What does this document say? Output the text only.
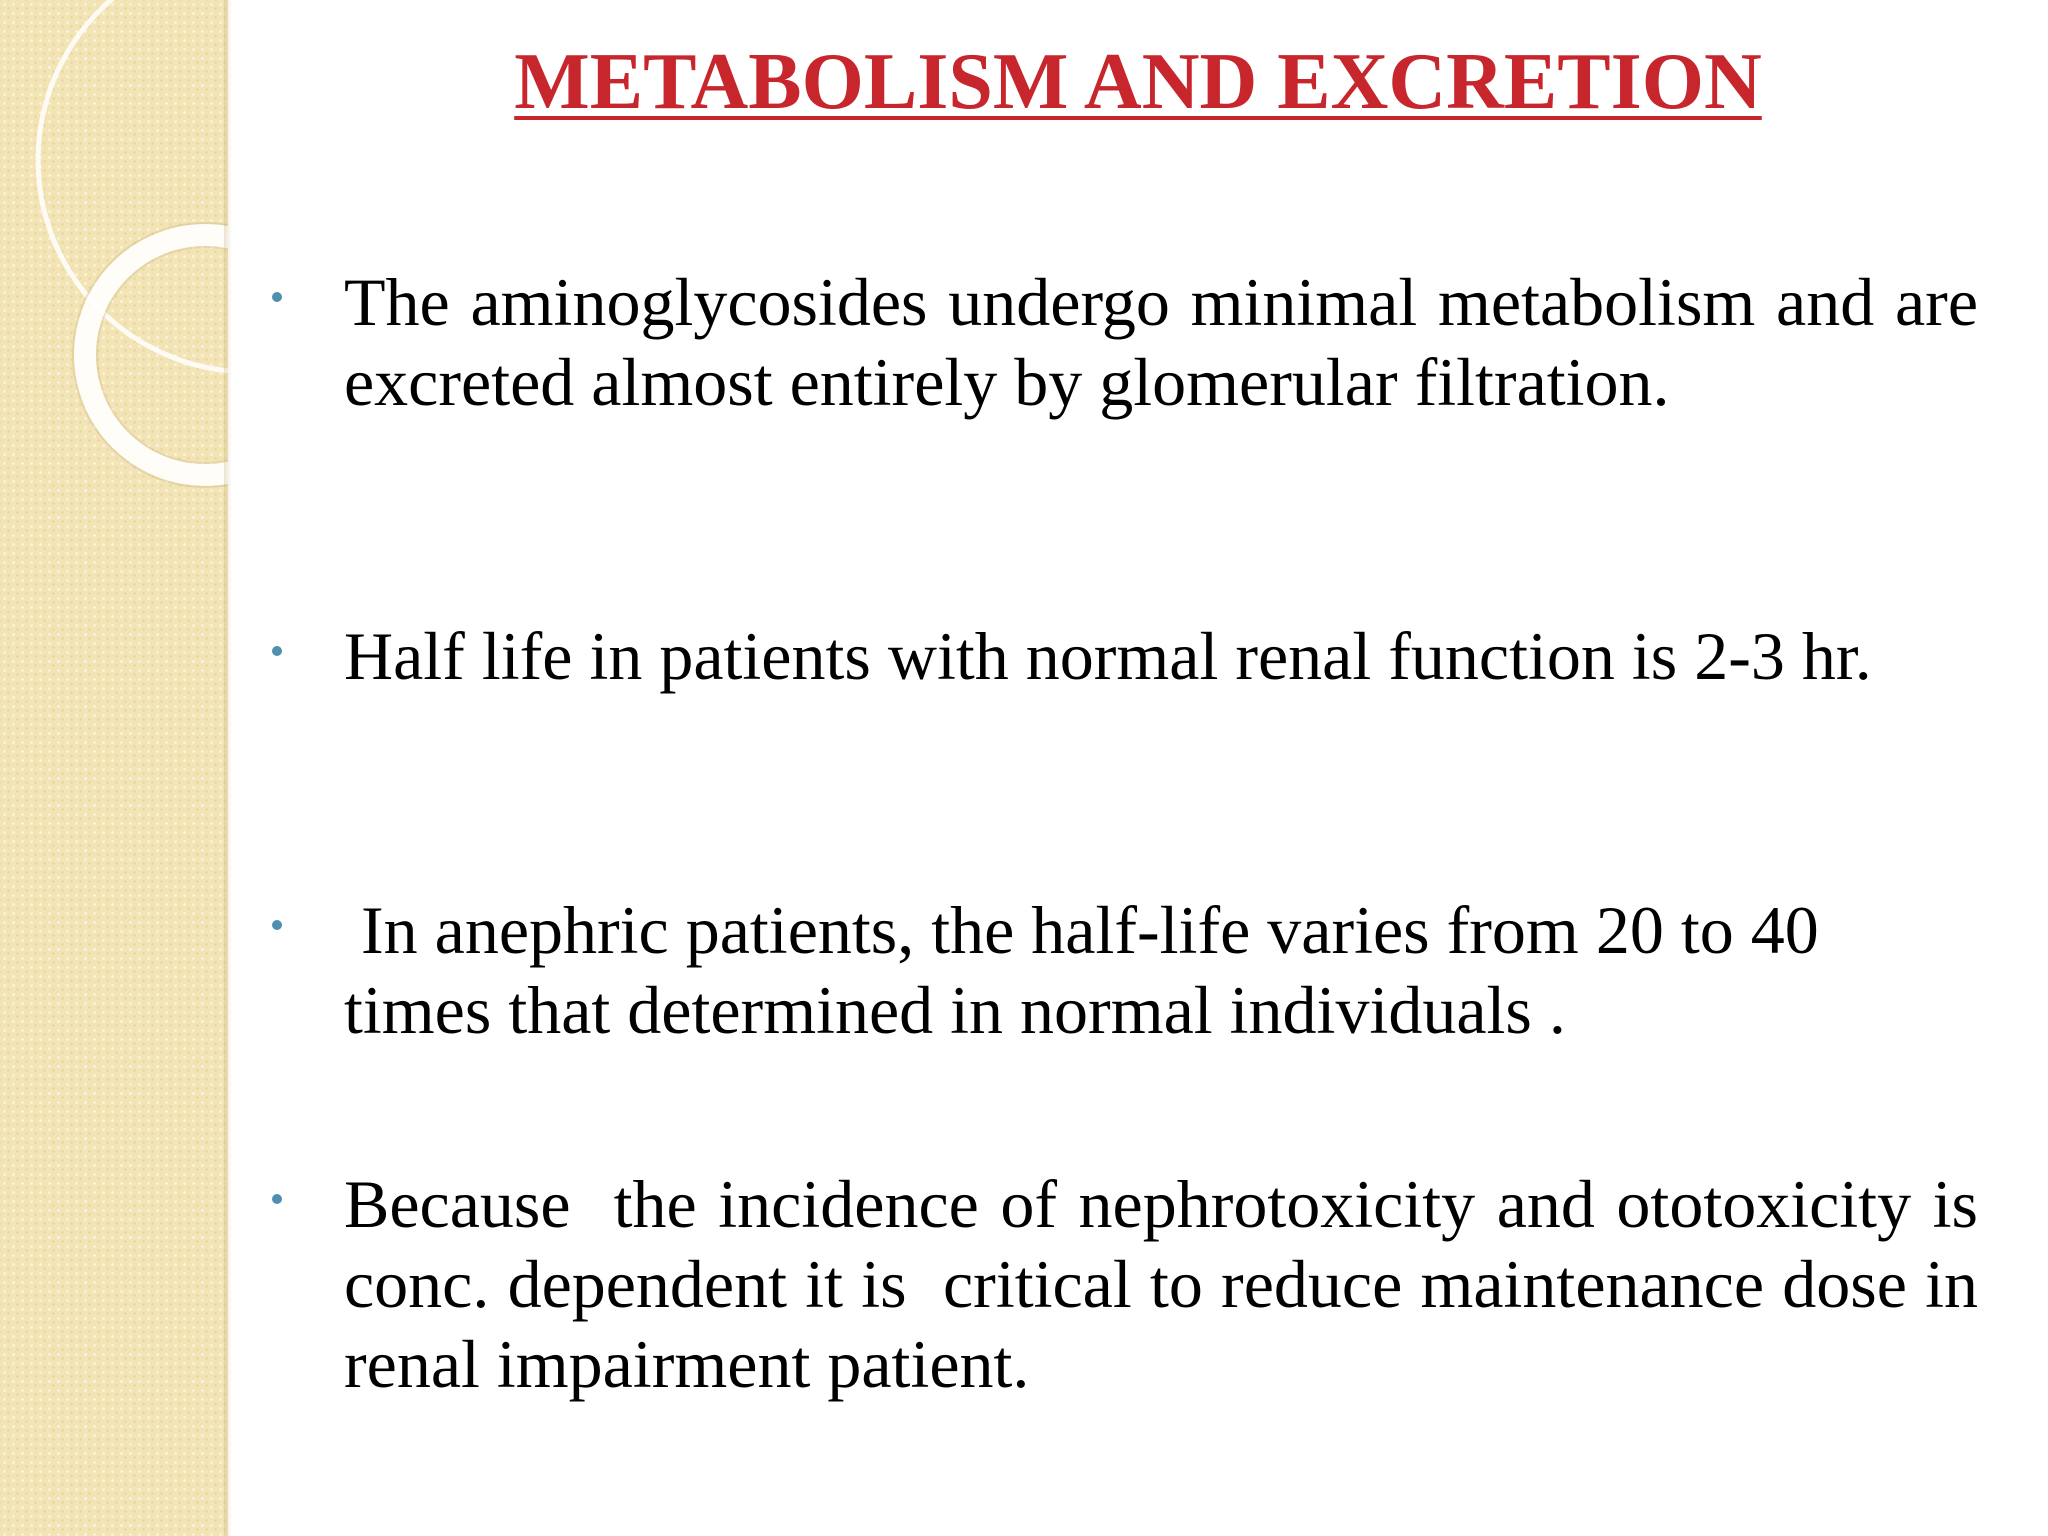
METABOLISM AND EXCRETION

The aminoglycosides undergo minimal metabolism and are excreted almost entirely by glomerular filtration.

Half life in patients with normal renal function is 2-3 hr.

In anephric patients, the half-life varies from 20 to 40 times that determined in normal individuals .

Because  the incidence of nephrotoxicity and ototoxicity is conc. dependent it is  critical to reduce maintenance dose in renal impairment patient.
